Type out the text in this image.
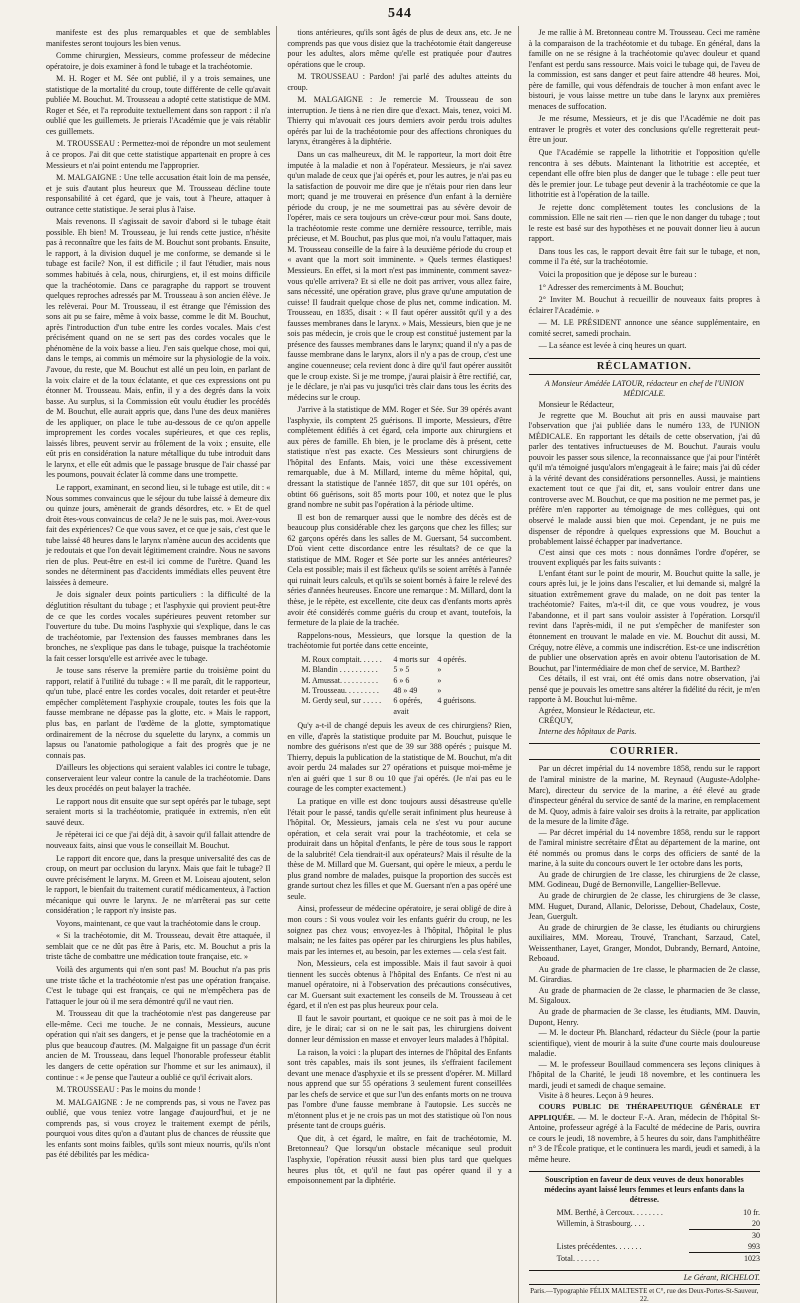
544

manifeste est des plus remarquables et que de semblables manifestes seront toujours les bien venus.

Comme chirurgien, Messieurs, comme professeur de médecine opératoire, je dois examiner à fond le tubage et la trachéotomie.

M. H. Roger et M. Sée ont publié, il y a trois semaines, une statistique de la mortalité du croup, toute différente de celle qu'avait publiée M. Bouchut. M. Trousseau a adopté cette statistique de MM. Roger et Sée, et l'a reproduite textuellement dans son rapport : il n'a oublié que les guillemets. Je prierais l'Académie que je vais rétablir ces guillemets.

M. TROUSSEAU : Permettez-moi de répondre un mot seulement à ce propos. J'ai dit que cette statistique appartenait en propre à ces Messieurs et n'ai point entendu me l'approprier.

M. MALGAIGNE : Une telle accusation était loin de ma pensée, et je suis d'autant plus heureux que M. Trousseau décline toute responsabilité à cet égard, que je vais, tout à l'heure, attaquer à outrance cette statistique. Je serai plus à l'aise.

Mais revenons. Il s'agissait de savoir d'abord si le tubage était possible. Eh bien! M. Trousseau, je lui rends cette justice, n'hésite pas à reconnaître que les faits de M. Bouchut sont probants. Ensuite, le rapport, à la division duquel je me conforme, se demande si le tubage est facile? Non, il est difficile ; il faut l'étudier, mais nous sommes habitués à cela, nous, chirurgiens, et, il est moins difficile que la trachéotomie. Dans ce paragraphe du rapport se trouvent quelques reproches adressés par M. Trousseau à son ancien élève. Je les relèverai. Pour M. Trousseau, il est étrange que l'émission des sons ait pu se faire, même à voix basse, comme le dit M. Bouchut, après l'introduction d'un tube entre les cordes vocales. Mais c'est précisément quand on ne se sert pas des cordes vocales que le phénomène de la voix basse a lieu. J'en sais quelque chose, moi qui, dans le temps, ai commis un mémoire sur la physiologie de la voix. J'avoue, du reste, que M. Bouchut est allé un peu loin, en parlant de la voix claire et de la toux éclatante, et que ces expressions ont pu étonner M. Trousseau. Mais, enfin, il y a des degrés dans la voix basse. Au surplus, si la Commission eût voulu étudier les procédés de M. Bouchut, elle aurait appris que, dans l'une des deux manières de les appliquer, on place le tube au-dessous de ce qu'on appelle improprement les cordes vocales supérieures, et que ces replis, laissés libres, peuvent servir au frôlement de la voix ; ensuite, elle eût pris en considération la nature métallique du tube introduit dans le larynx, et elle eût admis que le passage brusque de l'air chassé par les poumons, pouvait éclater là comme dans une trompette.

Le rapport, examinant, en second lieu, si le tubage est utile, dit : « Nous sommes convaincus que le séjour du tube laissé à demeure dix ou quinze jours, amènerait de grands désordres, etc. » Et de quel droit êtes-vous convaincus de cela? Je ne le suis pas, moi. Avez-vous fait des expériences? Ce que vous savez, et ce que je sais, c'est que le tube laissé 48 heures dans le larynx n'amène aucun des accidents que je redoutais et que l'on devait légitimement craindre. Nous ne savons rien de plus. Peut-être en est-il ici comme de l'urètre. Quand les sondes ne déterminent pas d'accidents immédiats elles peuvent être laissées à demeure.

Je dois signaler deux points particuliers : la difficulté de la déglutition résultant du tubage ; et l'asphyxie qui provient peut-être de ce que les cordes vocales supérieures peuvent retomber sur l'ouverture du tube. Du moins l'asphyxie qui s'explique, dans le cas de trachéotomie, par l'extension des fausses membranes dans les bronches, ne s'explique pas dans le tubage, puisque la trachéotomie la fait cesser lorsqu'elle est arrivée avec le tubage.

Je touse sans réserve la première partie du troisième point du rapport, relatif à l'utilité du tubage : « Il me paraît, dit le rapporteur, qu'un tube, placé entre les cordes vocales, doit retarder et peut-être empêcher complètement l'asphyxie croupale, toutes les fois que la fausse membrane ne dépasse pas la glotte, etc. » Mais le rapport, plus bas, en parlant de l'œdème de la glotte, symptomatique ordinairement de la nécrose du squelette du larynx, a commis un lapsus ou l'anatomie pathologique a fait des progrès que je ne connais pas.

D'ailleurs les objections qui seraient valables ici contre le tubage, conserveraient leur valeur contre la canule de la trachéotomie. Dans les deux procédés on peut balayer la trachée.

Le rapport nous dit ensuite que sur sept opérés par le tubage, sept seraient morts si la trachéotomie, pratiquée in extremis, n'en eût sauvé deux.

Je répèterai ici ce que j'ai déjà dit, à savoir qu'il fallait attendre de nouveaux faits, ainsi que vous le conseillait M. Bouchut.

Le rapport dit encore que, dans la presque universalité des cas de croup, on meurt par occlusion du larynx. Mais que fait le tubage? Il ouvre précisément le larynx. M. Green et M. Loiseau ajoutent, selon le rapport, le bienfait du traitement curatif médicamenteux, à l'action mécanique qui ouvre le larynx. Je ne m'arrêterai pas sur cette considération ; le rapport n'y insiste pas.

Voyons, maintenant, ce que vaut la trachéotomie dans le croup.

« Si la trachéotomie, dit M. Trousseau, devait être attaquée, il semblait que ce ne dût pas être à Paris, etc. M. Bouchut a pris la triste tâche de combattre une médication toute française, etc. »

Voilà des arguments qui n'en sont pas! M. Bouchut n'a pas pris une triste tâche et la trachéotomie n'est pas une opération française. C'est le tubage qui est français, ce qui ne m'empêchera pas de l'attaquer le jour où il me sera démontré qu'il ne vaut rien.

M. Trousseau dit que la trachéotomie n'est pas dangereuse par elle-même. Ceci me touche. Je ne connais, Messieurs, aucune opération qui n'ait ses dangers, et je pense que la trachéotomie en a plus que beaucoup d'autres. (M. Malgaigne fit un passage d'un écrit ancien de M. Trousseau, dans lequel l'honorable professeur établit les dangers de cette opération sur l'homme et sur les animaux), il continue : « Je pense que l'auteur a oublié ce qu'il écrivait alors.

M. TROUSSEAU : Pas le moins du monde !

M. MALGAIGNE : Je ne comprends pas, si vous ne l'avez pas oublié, que vous teniez votre langage d'aujourd'hui, et je ne comprends pas, si vous croyez le traitement exempt de périls, pourquoi vous dites qu'on a d'autant plus de chances de réussite que les enfants sont moins faibles, qu'ils sont mieux nourris, qu'ils n'ont pas été débilités par les médica-

tions antérieures, qu'ils sont âgés de plus de deux ans, etc. Je ne comprends pas que vous disiez que la trachéotomie était dangereuse pour les adultes, alors même qu'elle est pratiquée pour d'autres opérations que le croup.

M. TROUSSEAU : Pardon! j'ai parlé des adultes atteints du croup.

M. MALGAIGNE : Je remercie M. Trousseau de son interruption. Je tiens à ne rien dire que d'exact. Mais, tenez, voici M. Thierry qui m'avouait ces jours derniers avoir perdu trois adultes opérés par lui de la trachéotomie pour des affections chroniques du larynx, étrangères à la diphtérie.

Dans un cas malheureux, dit M. le rapporteur, la mort doit être imputée à la maladie et non à l'opérateur. Messieurs, je n'ai savez qu'un malade de ceux que j'ai opérés et, pour les autres, je n'ai pas eu la satisfaction de pouvoir me dire que je n'étais pour rien dans leur mort; quand je me trouverai en présence d'un enfant à la dernière période du croup, je ne me soumettrai pas au sévère devoir de l'opérer, mais ce sera toujours un crève-cœur pour moi. Sans doute, la trachéotomie reste comme une dernière ressource, terrible, mais précieuse, et M. Bouchut, pas plus que moi, n'a voulu l'attaquer, mais M. Trousseau conseille de la faire à la deuxième période du croup et « avant que la mort soit imminente. » Quels termes élastiques! Messieurs. En effet, si la mort n'est pas imminente, comment savez-vous qu'elle arrivera? Et si elle ne doit pas arriver, vous allez faire, sans nécessité, une opération grave, plus grave qu'une amputation de cuisse! Il faudrait quelque chose de plus net, comme indication. M. Trousseau, en 1835, disait : « Il faut opérer aussitôt qu'il y a des fausses membranes dans le larynx. » Mais, Messieurs, bien que je ne sois pas médecin, je crois que le croup est constitué justement par la présence des fausses membranes dans le larynx; quand il n'y a pas de fausse membrane dans le larynx, alors il n'y a pas de croup, c'est une angine couenneuse; cela revient donc à dire qu'il faut opérer aussitôt que le croup existe. Si je me trompe, j'aurai plaisir à être rectifié, car, je le déclare, je n'ai pas vu jusqu'ici très clair dans tous les écrits des médecins sur le croup.

J'arrive à la statistique de MM. Roger et Sée. Sur 39 opérés avant l'asphyxie, ils comptent 25 guérisons. Il importe, Messieurs, d'être complètement édifiés à cet égard, cela importe aux chirurgiens et aux pères de famille. Eh bien, je le proclame dès à présent, cette statistique n'est pas exacte. Ces Messieurs sont chirurgiens de l'hôpital des Enfants. Mais, voici une thèse excessivement remarquable, due à M. Millard, interne du même hôpital, qui, dressant la statistique de l'année 1857, dit que sur 101 opérés, on obtint 66 guérisons, soit 85 morts pour 100, et notez que le plus grand nombre ne subit pas l'opération à la période ultime.

Il est bon de remarquer aussi que le nombre des décès est de beaucoup plus considérable chez les garçons que chez les filles; sur 62 garçons opérés dans les salles de M. Guersant, 54 succombent. D'où vient cette discordance entre les résultats? de ce que la statistique de MM. Roger et Sée porte sur les années antérieures? Cela est possible; mais il est fâcheux qu'ils se soient arrêtés à l'année qui ruinait leurs calculs, et qu'ils se soient bornés à faire le relevé des séries d'années heureuses. Encore une remarque : M. Millard, dont la thèse, je le répète, est excellente, cite deux cas d'enfants morts après avoir été considérés comme guéris du croup et avant, toutefois, la fermeture de la plaie de la trachée.

Rappelons-nous, Messieurs, que lorsque la question de la trachéotomie fut portée dans cette enceinte,

M. Roux comptait. . . . . .	4 morts sur	4 opérés.
M. Blandin . . . . . . . . . .	5 » 5	»
M. Amussat. . . . . . . . . .	6 » 6	»
M. Trousseau. . . . . . . . .	48 » 49	»
M. Gerdy seul, sur . . . . .	6 opérés, avait
4 guérisons.

Qu'y a-t-il de changé depuis les aveux de ces chirurgiens? Rien, en ville, d'après la statistique produite par M. Bouchut, puisque le nombre des guérisons n'est que de 39 sur 388 opérés ; puisque M. Thierry, depuis la publication de la statistique de M. Bouchut, m'a dit avoir perdu 24 malades sur 27 opérations et puisque moi-même je n'en ai guéri que 1 sur 8 ou 10 que j'ai opérés. (Je n'ai pas eu le courage de les compter exactement.)

La pratique en ville est donc toujours aussi désastreuse qu'elle l'était pour le passé, tandis qu'elle serait infiniment plus heureuse à l'hôpital. Or, Messieurs, jamais cela ne s'est vu pour aucune opération, et cela serait vrai pour la trachéotomie, et cela se produirait dans un hôpital d'enfants, le père de tous sous le rapport de la salubrité! Cela tiendrait-il aux opérateurs? Mais il résulte de la thèse de M. Millard que M. Guersant, qui opère le mieux, a perdu le plus grand nombre de malades, puisque la proportion des succès est grande surtout chez les filles et que M. Guersant n'en a pas opéré une seule.

Ainsi, professeur de médecine opératoire, je serai obligé de dire à mon cours : Si vous voulez voir les enfants guérir du croup, ne les soignez pas chez vous; envoyez-les à l'hôpital, l'hôpital le plus malsain; ne les faites pas opérer par les chirurgiens les plus habiles, mais par les internes et, au besoin, par les externes — cela s'est fait.

Non, Messieurs, cela est impossible. Mais il faut savoir à quoi tiennent les succès obtenus à l'hôpital des Enfants. Ce n'est ni au manuel opératoire, ni à l'observation des précautions consécutives, car M. Guersant suit exactement les conseils de M. Trousseau à cet égard, et il n'en est pas plus heureux pour cela.

Il faut le savoir pourtant, et quoique ce ne soit pas à moi de le dire, je le dirai; car si on ne le sait pas, les chirurgiens doivent donner leur démission en masse et envoyer leurs malades à l'hôpital.

La raison, la voici : la plupart des internes de l'hôpital des Enfants sont très capables, mais ils sont jeunes, ils s'effraient facilement devant une menace d'asphyxie et ils se pressent d'opérer. M. Millard nous apprend que sur 55 opérations 3 seulement furent conseillées par les chefs de service et que sur l'un des enfants morts on ne trouva pas l'ombre d'une fausse membrane à l'autopsie. Les succès ne m'étonnent plus et je ne crois pas un mot des statistique où l'on nous présente tant de croups guéris.

Que dit, à cet égard, le maître, en fait de trachéotomie, M. Bretonneau? Que lorsqu'un obstacle mécanique seul produit l'asphyxie, l'opération réussit aussi bien plus tard que quelques heures plus tôt, et qu'il ne faut pas opérer quand il y a empoisonnement par la diphtérie.

Je me rallie à M. Bretonneau contre M. Trousseau. Ceci me ramène à la comparaison de la trachéotomie et du tubage. En général, dans la famille on ne se résigne à la trachéotomie qu'avec douleur et quand l'enfant est perdu sans ressource. Mais voici le tubage qui, de l'aveu de la commission, est sans danger et peut faire attendre 48 heures. Moi, père de famille, qui vous défendrais de toucher à mon enfant avec le bistouri, je vous laisse mettre un tube dans le larynx aux premières menaces de suffocation.

Je me résume, Messieurs, et je dis que l'Académie ne doit pas entraver le progrès et voter des conclusions qu'elle regretterait peut-être un jour.

Que l'Académie se rappelle la lithotritie et l'opposition qu'elle rencontra à ses débuts. Maintenant la lithotritie est acceptée, et cependant elle offre bien plus de danger que le tubage : elle peut tuer dès le premier jour. Le tubage peut devenir à la trachéotomie ce que la lithotritie est à l'opération de la taille.

Je rejette donc complètement toutes les conclusions de la commission. Elle ne sait rien — rien que le non danger du tubage ; tout le reste est basé sur des hypothèses et ne pouvait donner lieu à aucun rapport.

Dans tous les cas, le rapport devait être fait sur le tubage, et non, comme il l'a été, sur la trachéotomie.

Voici la proposition que je dépose sur le bureau :

1° Adresser des remerciments à M. Bouchut;

2° Inviter M. Bouchut à recueillir de nouveaux faits propres à éclairer l'Académie. »

— M. LE PRÉSIDENT annonce une séance supplémentaire, en comité secret, samedi prochain.

— La séance est levée à cinq heures un quart.

RÉCLAMATION.

A Monsieur Amédée LATOUR, rédacteur en chef de l'UNION MÉDICALE.

Monsieur le Rédacteur,

Je regrette que M. Bouchut ait pris en aussi mauvaise part l'observation que j'ai publiée dans le numéro 133, de l'UNION MÉDICALE. En rapportant les détails de cette observation, j'ai dû parler des tentatives infructueuses de M. Bouchut. J'aurais voulu pouvoir les passer sous silence, la reconnaissance que j'ai pour l'intérêt qu'il m'a témoigné jusqu'alors m'engageait à le faire; mais j'ai dû céder à la vérité devant des considérations personnelles. Aussi, je maintiens exactement tout ce que j'ai dit, et, sans vouloir entrer dans une controverse avec M. Bouchut, ce que ma position ne me permet pas, je préfère m'en rapporter au témoignage de mes collègues, qui ont observé le malade aussi bien que moi. Cependant, je ne puis me dispenser de répondre à quelques expressions que M. Bouchut a probablement laissé échapper par inadvertance.

C'est ainsi que ces mots : nous donnâmes l'ordre d'opérer, se trouvent expliqués par les faits suivants :

L'enfant étant sur le point de mourir, M. Bouchut quitte la salle, je cours après lui, je le joins dans l'escalier, et lui demande si, malgré la situation extrêmement grave du malade, on ne doit pas tenter la trachéotomie? Faites, m'a-t-il dit, ce que vous voudrez, je vous l'abandonne, et il part sans vouloir assister à l'opération. Lorsqu'il revint dans l'après-midi, il ne put s'empêcher de manifester son étonnement en trouvant le malade en vie. M. Bouchut dit aussi, M. Créquy, notre élève, a commis une indiscrétion. Est-ce une indiscrétion de publier une observation après en avoir obtenu l'autorisation de M. Bouchut, par l'intermédiaire de mon chef de service, M. Barthez?

Ces détails, il est vrai, ont été omis dans notre observation, j'ai pensé que je pouvais les omettre sans altérer la fidélité du récit, je m'en rapporte à M. Bouchut lui-même.

Agréez, Monsieur le Rédacteur, etc.

CRÉQUY,

Interne des hôpitaux de Paris.

COURRIER.

Par un décret impérial du 14 novembre 1858, rendu sur le rapport de l'amiral ministre de la marine, M. Reynaud (Auguste-Adolphe-Marc), directeur du service de la marine, a été élevé au grade d'inspecteur général du service de santé de la marine, en remplacement de M. Quoy, admis à faire valoir ses droits à la retraite, par application de la mesure de la limite d'âge.

— Par décret impérial du 14 novembre 1858, rendu sur le rapport de l'amiral ministre secrétaire d'État au département de la marine, ont été nommés ou promus dans le corps des officiers de santé de la marine, à la suite du concours ouvert le 1er octobre dans les ports,

Au grade de chirurgien de 1re classe, les chirurgiens de 2e classe, MM. Godineau, Dugé de Bernonville, Langellier-Bellevue.

Au grade de chirurgien de 2e classe, les chirurgiens de 3e classe, MM. Huguet, Durand, Allanic, Delorisse, Debout, Chadelaux, Coste, Jean, Guergult.

Au grade de chirurgien de 3e classe, les étudiants ou chirurgiens auxiliaires, MM. Moreau, Trouvé, Tranchant, Sarzaud, Catel, Weissenthaner, Layet, Granger, Mondot, Dubrandy, Bernard, Antoine, Reboaud.

Au grade de pharmacien de 1re classe, le pharmacien de 2e classe, M. Girardias.

Au grade de pharmacien de 2e classe, le pharmacien de 3e classe, M. Sigaloux.

Au grade de pharmacien de 3e classe, les étudiants, MM. Dauvin, Dupont, Henry.

— M. le docteur Ph. Blanchard, rédacteur du Siècle (pour la partie scientifique), vient de mourir à la suite d'une courte mais douloureuse maladie.

— M. le professeur Bouillaud commencera ses leçons cliniques à l'hôpital de la Charité, le jeudi 18 novembre, et les continuera les mardi, jeudi et samedi de chaque semaine.

Visite à 8 heures. Leçon à 9 heures.

COURS PUBLIC DE THÉRAPEUTIQUE GÉNÉRALE ET APPLIQUÉE. — M. le docteur F.-A. Aran, médecin de l'hôpital St-Antoine, professeur agrégé à la Faculté de médecine de Paris, ouvrira ce cours le jeudi, 18 novembre, à 5 heures du soir, dans l'amphithéâtre n° 3 de l'École pratique, et le continuera les mardi, jeudi et samedi, à la même heure.

Souscription en faveur de deux veuves de deux honorables médecins ayant laissé leurs femmes et leurs enfants dans la détresse.
MM. Berthé, à Cercoux. . . . . . . .	10 fr.
Willemin, à Strasbourg. . . .	20
30
Listes précédentes. . . . . . .	993
Total. . . . . . .	1023
Le Gérant, RICHELOT.
Paris.—Typographie FÉLIX MALTESTE et C°, rue des Deux-Portes-St-Sauveur, 22.
